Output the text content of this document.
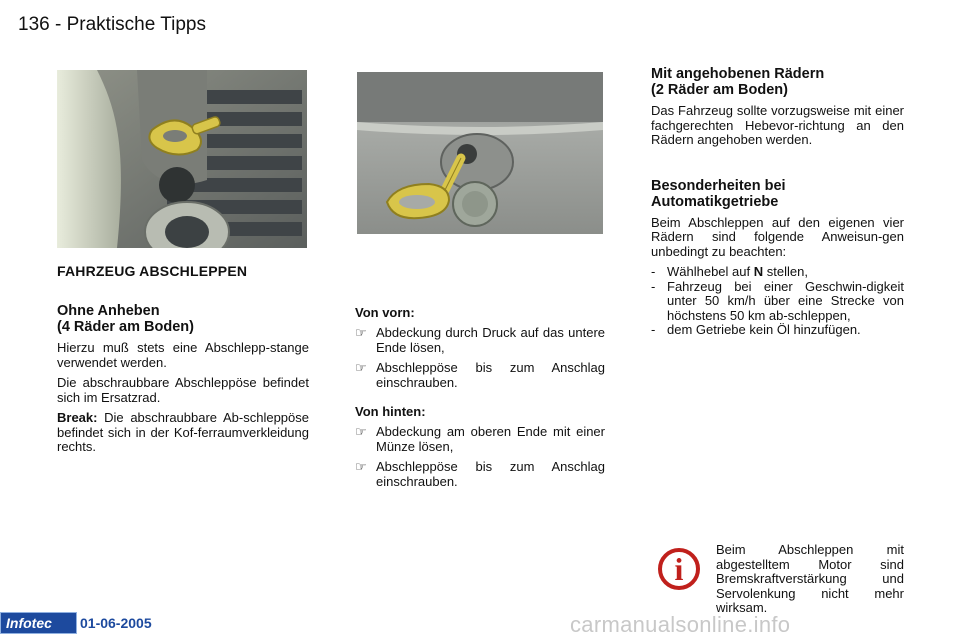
136 - Praktische Tipps
FAHRZEUG ABSCHLEPPEN
Ohne Anheben
(4 Räder am Boden)

Hierzu muß stets eine Abschlepp-stange verwendet werden.

Die abschraubbare Abschleppöse befindet sich im Ersatzrad.

Break: Die abschraubbare Ab-schleppöse befindet sich in der Kof-ferraumverkleidung rechts.

Von vorn:
☞ Abdeckung durch Druck auf das untere Ende lösen,
☞ Abschleppöse bis zum Anschlag einschrauben.
Von hinten:
☞ Abdeckung am oberen Ende mit einer Münze lösen,
☞ Abschleppöse bis zum Anschlag einschrauben.
Mit angehobenen Rädern
(2 Räder am Boden)
Das Fahrzeug sollte vorzugsweise mit einer fachgerechten Hebevor-richtung an den Rädern angehoben werden.
Besonderheiten bei
Automatikgetriebe
Beim Abschleppen auf den eigenen vier Rädern sind folgende Anweisun-gen unbedingt zu beachten:
- Wählhebel auf N stellen,
- Fahrzeug bei einer Geschwin-digkeit unter 50 km/h über eine Strecke von höchstens 50 km ab-schleppen,
- dem Getriebe kein Öl hinzufügen.
i
Beim Abschleppen mit abgestelltem Motor sind Bremskraftverstärkung und Servolenkung nicht mehr wirksam.
Infotec	01-06-2005	carmanualsonline.info
